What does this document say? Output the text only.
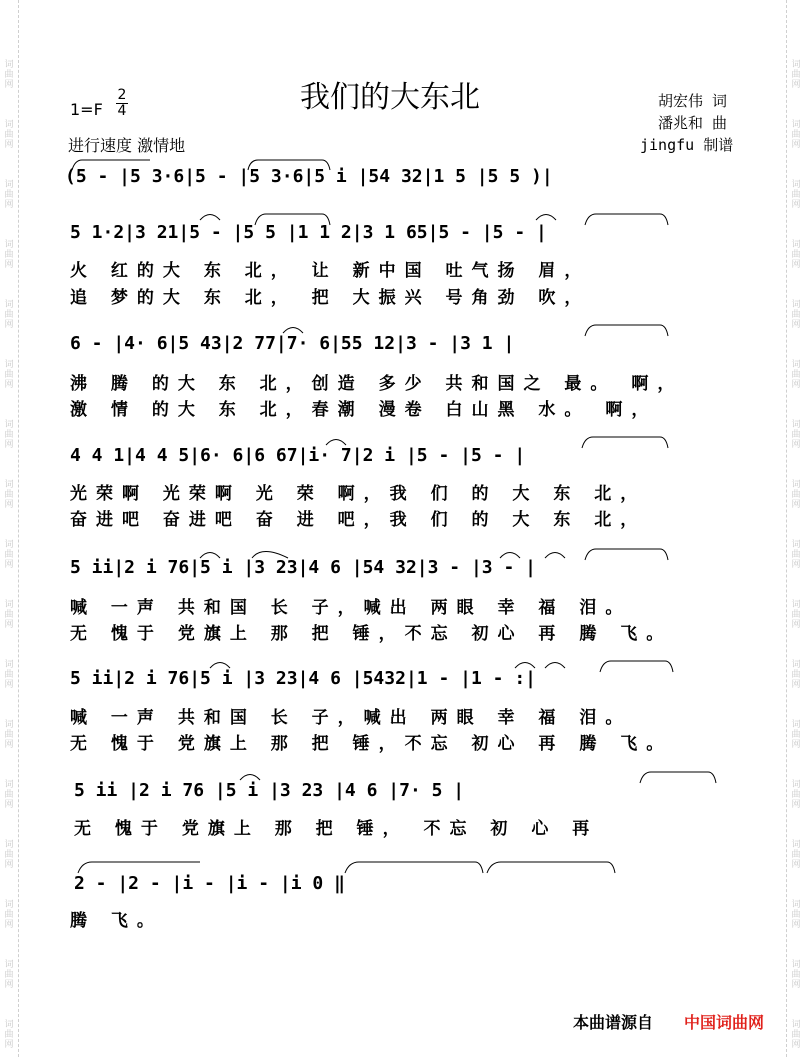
词
曲
网
词
曲
网
词
曲
网
词
曲
网
词
曲
网
词
曲
网
词
曲
网
词
曲
网
词
曲
网
词
曲
网
词
曲
网
词
曲
网
词
曲
网
词
曲
网
词
曲
网
词
曲
网
词
曲
网
词
曲
网
词
曲
网
词
曲
网
词
曲
网
词
曲
网
词
曲
网
词
曲
网
词
曲
网
词
曲
网
词
曲
网
词
曲
网
词
曲
网
词
曲
网
词
曲
网
词
曲
网
词
曲
网
词
曲
网
我们的大东北
1=F
2
4
进行速度 激情地
胡宏伟 词
潘兆和 曲
jingfu 制谱
(5 - |5 3·6|5 - |5 3·6|5 i |54 32|1 5 |5 5 )|
5 1·2|3 21|5 - |5 5 |1 1 2|3 1 65|5 - |5 - |
火 红的大 东 北， 让 新中国 吐气扬 眉，
追 梦的大 东 北， 把 大振兴 号角劲 吹，
6 - |4· 6|5 43|2 77|7· 6|55 12|3 - |3 1 |
沸 腾 的大 东 北，创造 多少 共和国之 最。 啊，
激 情 的大 东 北，春潮 漫卷 白山黑 水。 啊，
4 4 1|4 4 5|6· 6|6 67|i· 7|2 i |5 - |5 - |
光荣啊 光荣啊 光 荣 啊，我 们 的 大 东 北，
奋进吧 奋进吧 奋 进 吧，我 们 的 大 东 北，
5 ii|2 i 76|5 i |3 23|4 6 |54 32|3 - |3 - |
喊 一声 共和国 长 子，喊出 两眼 幸 福 泪。
无 愧于 党旗上 那 把 锤，不忘 初心 再 腾 飞。
5 ii|2 i 76|5 i |3 23|4 6 |5432|1 - |1 - :|
喊 一声 共和国 长 子，喊出 两眼 幸 福 泪。
无 愧于 党旗上 那 把 锤，不忘 初心 再 腾 飞。
5 ii |2 i 76 |5 i |3 23 |4 6 |7· 5 |
无 愧于 党旗上 那 把 锤， 不忘 初 心 再
2 - |2 - |i - |i - |i 0 ‖
腾 飞。
本曲谱源自 中国词曲网
